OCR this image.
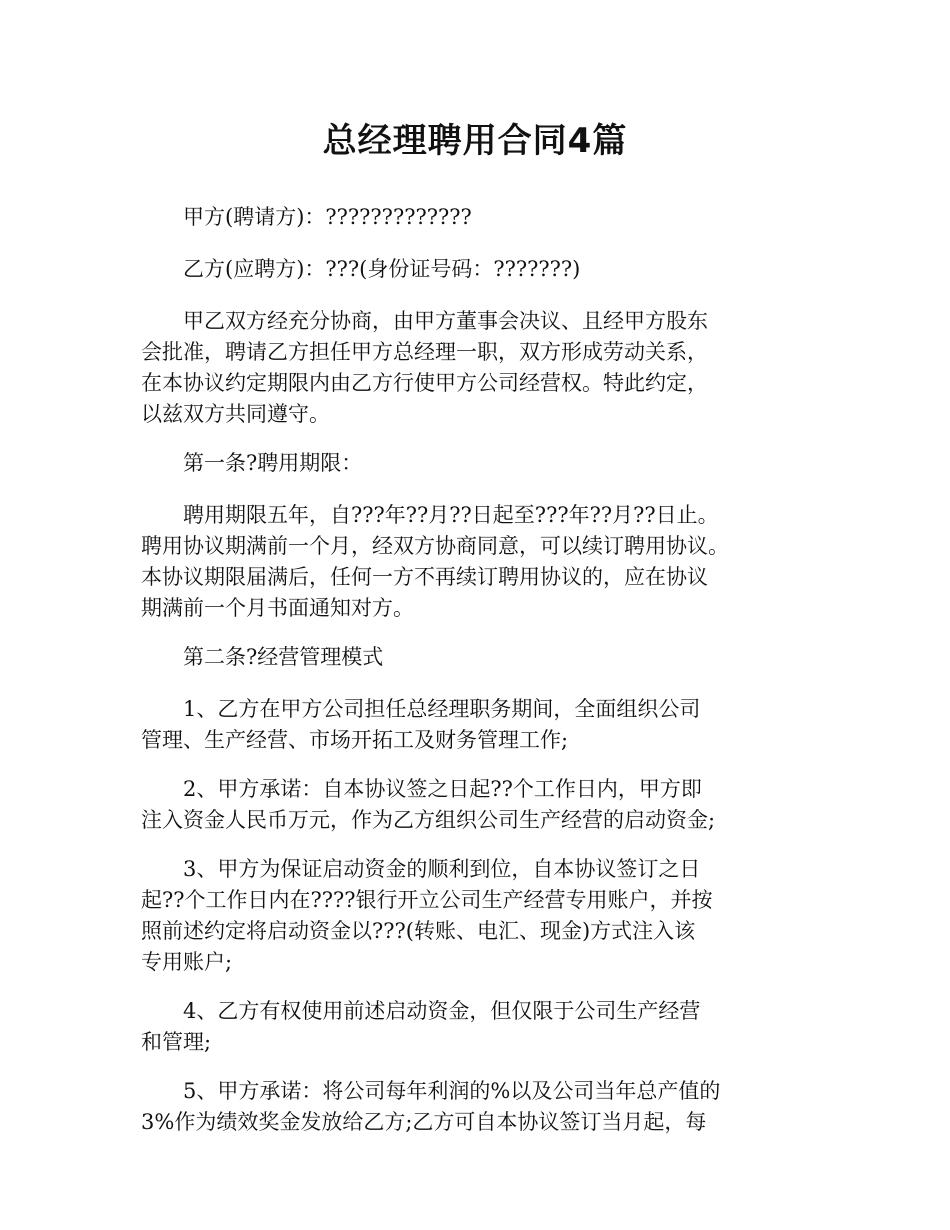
总经理聘用合同4篇

甲方(聘请方)：?????????????

乙方(应聘方)：???(身份证号码：???????)

甲乙双方经充分协商，由甲方董事会决议、且经甲方股东
会批准，聘请乙方担任甲方总经理一职，双方形成劳动关系，
在本协议约定期限内由乙方行使甲方公司经营权。特此约定，
以兹双方共同遵守。

第一条?聘用期限：

聘用期限五年，自???年??月??日起至???年??月??日止。
聘用协议期满前一个月，经双方协商同意，可以续订聘用协议。
本协议期限届满后，任何一方不再续订聘用协议的，应在协议
期满前一个月书面通知对方。

第二条?经营管理模式

1、乙方在甲方公司担任总经理职务期间，全面组织公司
管理、生产经营、市场开拓工及财务管理工作;

2、甲方承诺：自本协议签之日起??个工作日内，甲方即
注入资金人民币万元，作为乙方组织公司生产经营的启动资金;

3、甲方为保证启动资金的顺利到位，自本协议签订之日
起??个工作日内在????银行开立公司生产经营专用账户，并按
照前述约定将启动资金以???(转账、电汇、现金)方式注入该
专用账户;

4、乙方有权使用前述启动资金，但仅限于公司生产经营
和管理;

5、甲方承诺：将公司每年利润的%以及公司当年总产值的
3%作为绩效奖金发放给乙方;乙方可自本协议签订当月起，每
